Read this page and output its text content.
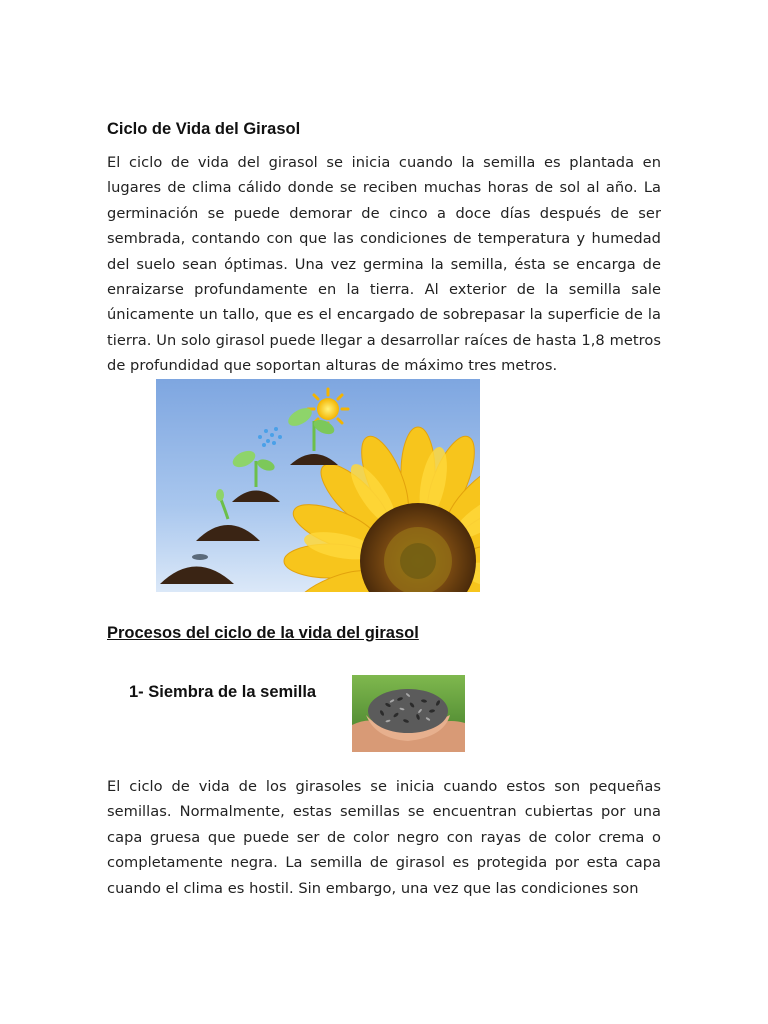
Ciclo de Vida del Girasol
El ciclo de vida del girasol se inicia cuando la semilla es plantada en lugares de clima cálido donde se reciben muchas horas de sol al año. La germinación se puede demorar de cinco a doce días después de ser sembrada, contando con que las condiciones de temperatura y humedad del suelo sean óptimas. Una vez germina la semilla, ésta se encarga de enraizarse profundamente en la tierra. Al exterior de la semilla sale únicamente un tallo, que es el encargado de sobrepasar la superficie de la tierra. Un solo girasol puede llegar a desarrollar raíces de hasta 1,8 metros de profundidad que soportan alturas de máximo tres metros.
Procesos del ciclo de la vida del girasol
1- Siembra de la semilla
El ciclo de vida de los girasoles se inicia cuando estos son pequeñas semillas. Normalmente, estas semillas se encuentran cubiertas por una capa gruesa que puede ser de color negro con rayas de color crema o completamente negra. La semilla de girasol es protegida por esta capa cuando el clima es hostil. Sin embargo, una vez que las condiciones son
